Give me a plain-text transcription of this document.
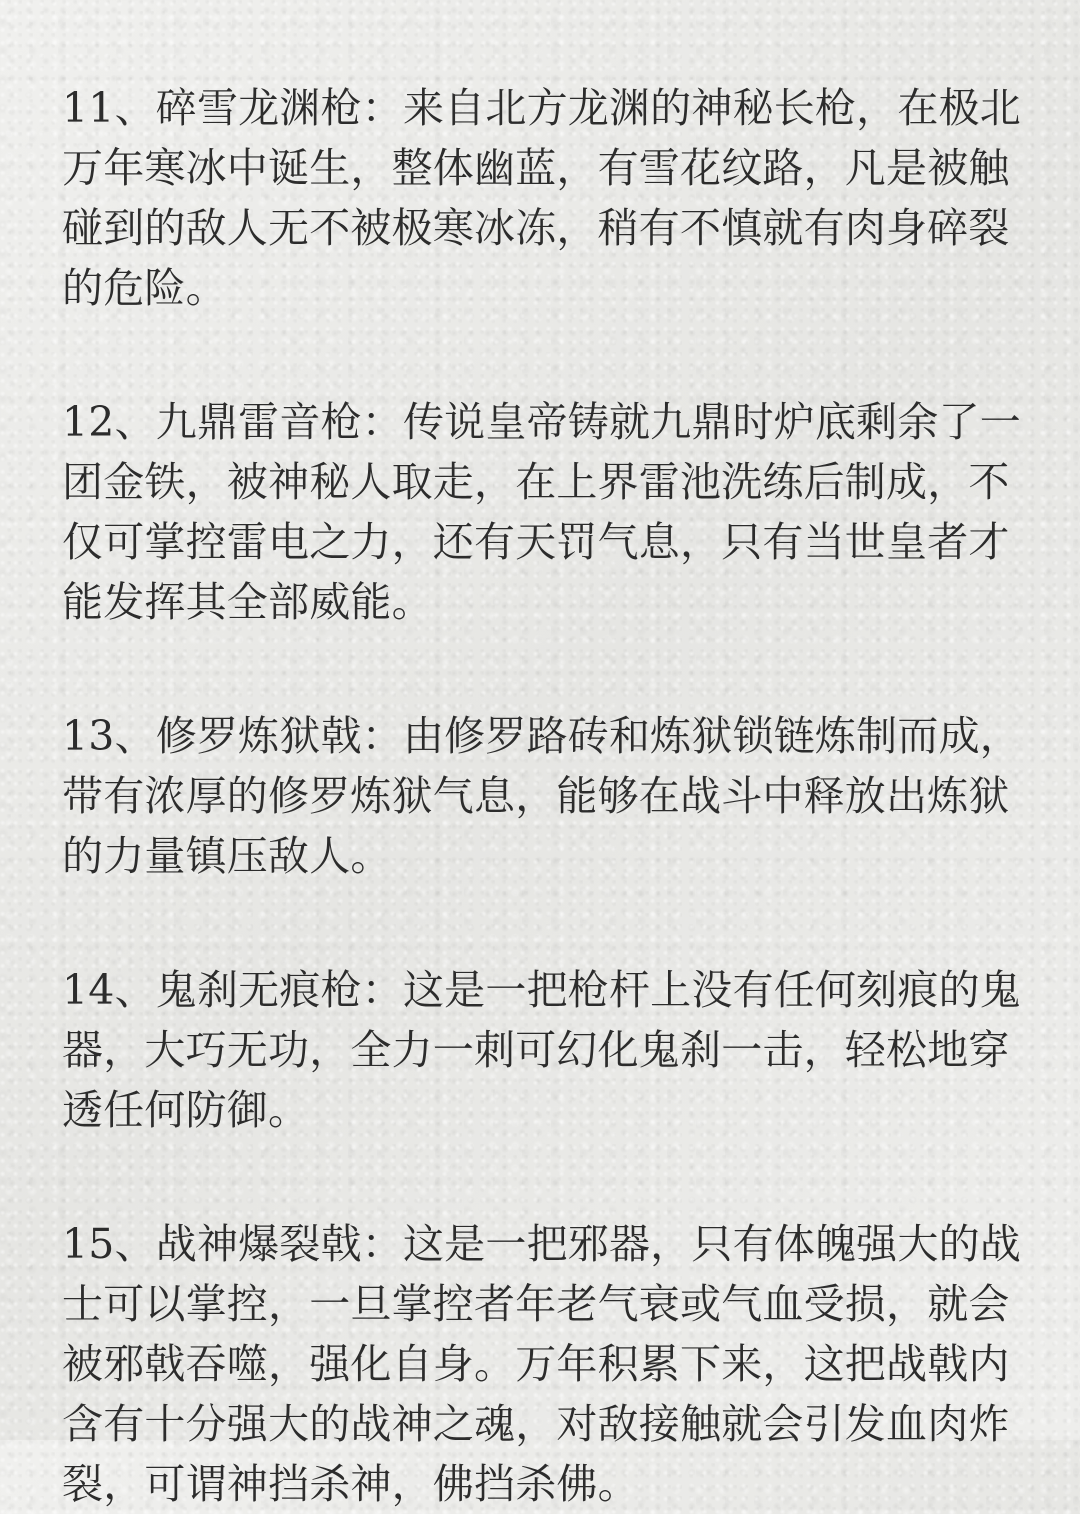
11、碎雪龙渊枪：来自北方龙渊的神秘长枪，在极北万年寒冰中诞生，整体幽蓝，有雪花纹路，凡是被触碰到的敌人无不被极寒冰冻，稍有不慎就有肉身碎裂的危险。

12、九鼎雷音枪：传说皇帝铸就九鼎时炉底剩余了一团金铁，被神秘人取走，在上界雷池洗练后制成，不仅可掌控雷电之力，还有天罚气息，只有当世皇者才能发挥其全部威能。

13、修罗炼狱戟：由修罗路砖和炼狱锁链炼制而成，带有浓厚的修罗炼狱气息，能够在战斗中释放出炼狱的力量镇压敌人。

14、鬼刹无痕枪：这是一把枪杆上没有任何刻痕的鬼器，大巧无功，全力一刺可幻化鬼刹一击，轻松地穿透任何防御。

15、战神爆裂戟：这是一把邪器，只有体魄强大的战士可以掌控，一旦掌控者年老气衰或气血受损，就会被邪戟吞噬，强化自身。万年积累下来，这把战戟内含有十分强大的战神之魂，对敌接触就会引发血肉炸裂，可谓神挡杀神，佛挡杀佛。
